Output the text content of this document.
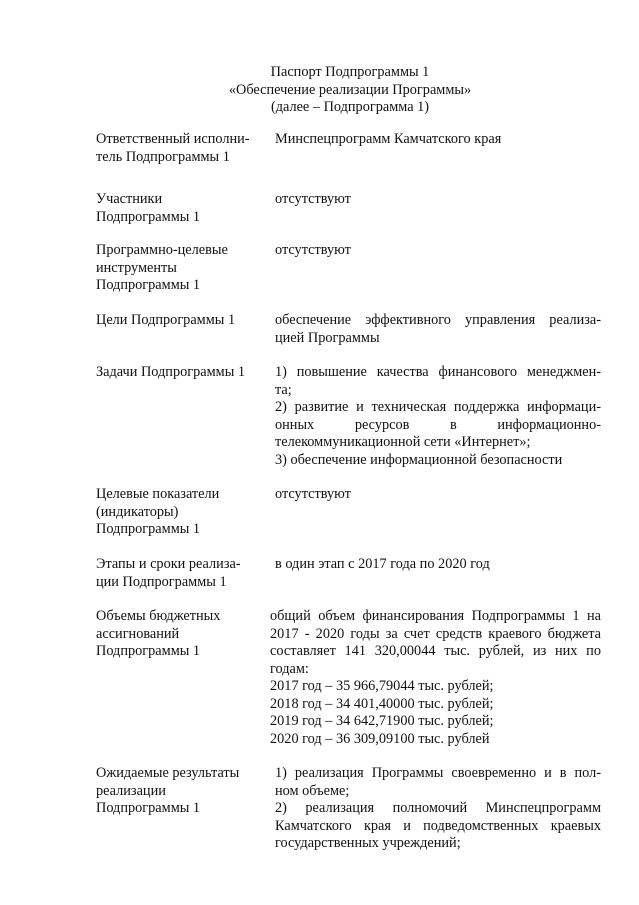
Паспорт Подпрограммы 1
«Обеспечение реализации Программы»
(далее – Подпрограмма 1)
Ответственный исполни-
тель Подпрограммы 1
Минспецпрограмм Камчатского края
Участники
Подпрограммы 1
отсутствуют
Программно-целевые
инструменты
Подпрограммы 1
отсутствуют
Цели Подпрограммы 1	обеспечение эффективного управления реализа-
цией Программы
Задачи Подпрограммы 1	1) повышение качества финансового менеджмен-
та;
2) развитие и техническая поддержка информаци-
онных ресурсов в информационно-
телекоммуникационной сети «Интернет»;
3) обеспечение информационной безопасности
Целевые показатели
(индикаторы)
Подпрограммы 1
отсутствуют
Этапы и сроки реализа-
ции Подпрограммы 1
в один этап с 2017 года по 2020 год
Объемы бюджетных
ассигнований
Подпрограммы 1
общий объем финансирования Подпрограммы 1 на
2017 - 2020 годы за счет средств краевого бюджета
составляет 141 320,00044 тыс. рублей, из них по
годам:
2017 год – 35 966,79044 тыс. рублей;
2018 год – 34 401,40000 тыс. рублей;
2019 год – 34 642,71900 тыс. рублей;
2020 год – 36 309,09100 тыс. рублей
Ожидаемые результаты
реализации
Подпрограммы 1
1) реализация Программы своевременно и в пол-
ном объеме;
2) реализация полномочий Минспецпрограмм
Камчатского края и подведомственных краевых
государственных учреждений;
